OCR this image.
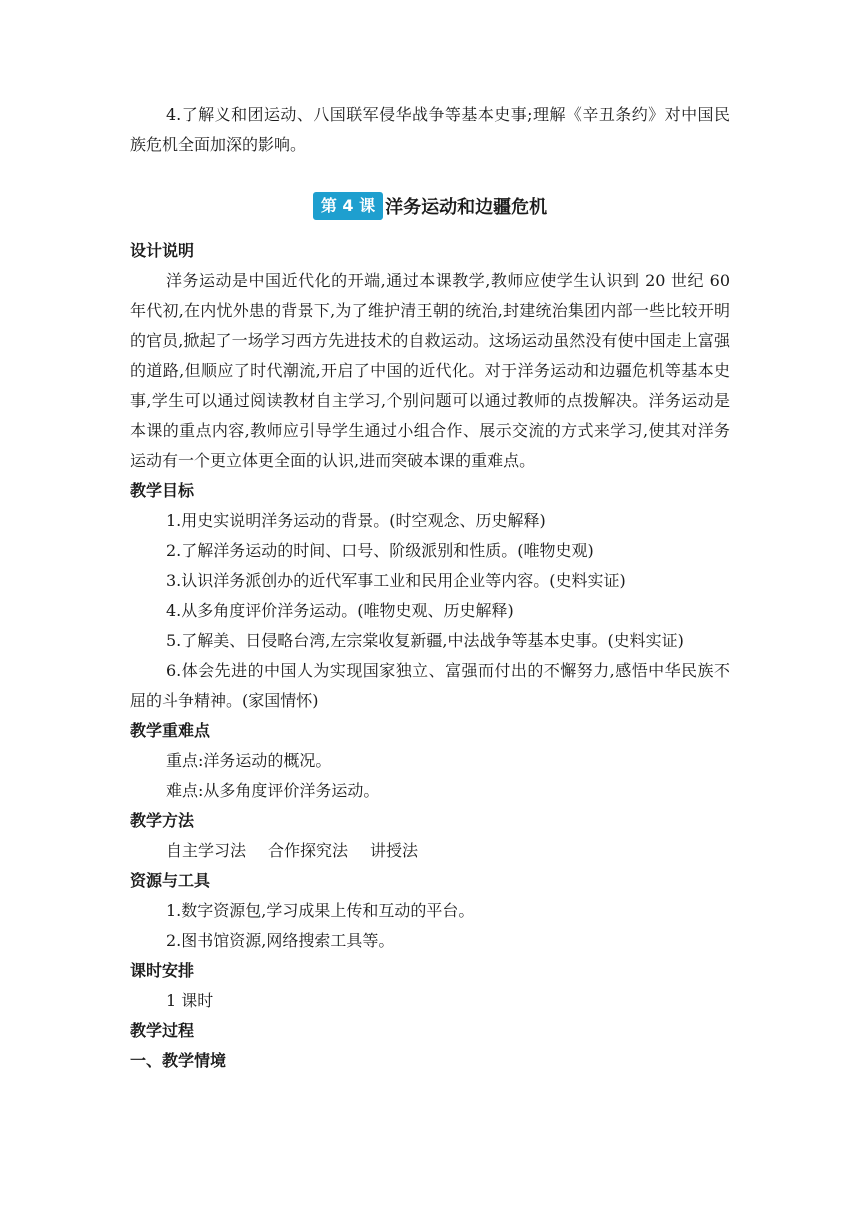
4.了解义和团运动、八国联军侵华战争等基本史事;理解《辛丑条约》对中国民族危机全面加深的影响。

第 4 课 洋务运动和边疆危机
设计说明

洋务运动是中国近代化的开端,通过本课教学,教师应使学生认识到 20 世纪 60 年代初,在内忧外患的背景下,为了维护清王朝的统治,封建统治集团内部一些比较开明的官员,掀起了一场学习西方先进技术的自救运动。这场运动虽然没有使中国走上富强的道路,但顺应了时代潮流,开启了中国的近代化。对于洋务运动和边疆危机等基本史事,学生可以通过阅读教材自主学习,个别问题可以通过教师的点拨解决。洋务运动是本课的重点内容,教师应引导学生通过小组合作、展示交流的方式来学习,使其对洋务运动有一个更立体更全面的认识,进而突破本课的重难点。

教学目标

1.用史实说明洋务运动的背景。(时空观念、历史解释)

2.了解洋务运动的时间、口号、阶级派别和性质。(唯物史观)

3.认识洋务派创办的近代军事工业和民用企业等内容。(史料实证)

4.从多角度评价洋务运动。(唯物史观、历史解释)

5.了解美、日侵略台湾,左宗棠收复新疆,中法战争等基本史事。(史料实证)

6.体会先进的中国人为实现国家独立、富强而付出的不懈努力,感悟中华民族不屈的斗争精神。(家国情怀)

教学重难点

重点:洋务运动的概况。

难点:从多角度评价洋务运动。

教学方法

自主学习法 合作探究法 讲授法

资源与工具

1.数字资源包,学习成果上传和互动的平台。

2.图书馆资源,网络搜索工具等。

课时安排

1 课时

教学过程
一、教学情境
